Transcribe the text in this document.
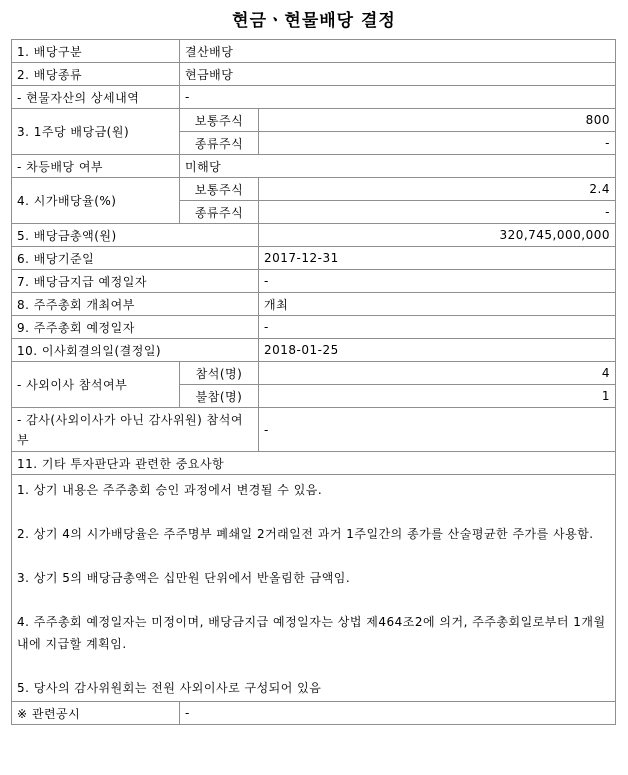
현금ㆍ현물배당 결정
1. 배당구분	결산배당	
2. 배당종류	현금배당	
- 현물자산의 상세내역	-	
3. 1주당 배당금(원)	보통주식	800
	종류주식	-
- 차등배당 여부	미해당	
4. 시가배당율(%)	보통주식	2.4
	종류주식	-
5. 배당금총액(원)		320,745,000,000
6. 배당기준일		2017-12-31
7. 배당금지급 예정일자		-
8. 주주총회 개최여부		개최
9. 주주총회 예정일자		-
10. 이사회결의일(결정일)		2018-01-25
- 사외이사 참석여부	참석(명)	4
	불참(명)	1
- 감사(사외이사가 아닌 감사위원) 참석여부		-
11. 기타 투자판단과 관련한 중요사항		

1. 상기 내용은 주주총회 승인 과정에서 변경될 수 있음.

2. 상기 4의 시가배당율은 주주명부 폐쇄일 2거래일전 과거 1주일간의 종가를 산술평균한 주가를 사용함.

3. 상기 5의 배당금총액은 십만원 단위에서 반올림한 금액임.

4. 주주총회 예정일자는 미정이며, 배당금지급 예정일자는 상법 제464조2에 의거, 주주총회일로부터 1개월 내에 지급할 계획임.

5. 당사의 감사위원회는 전원 사외이사로 구성되어 있음		

※ 관련공시	-	
